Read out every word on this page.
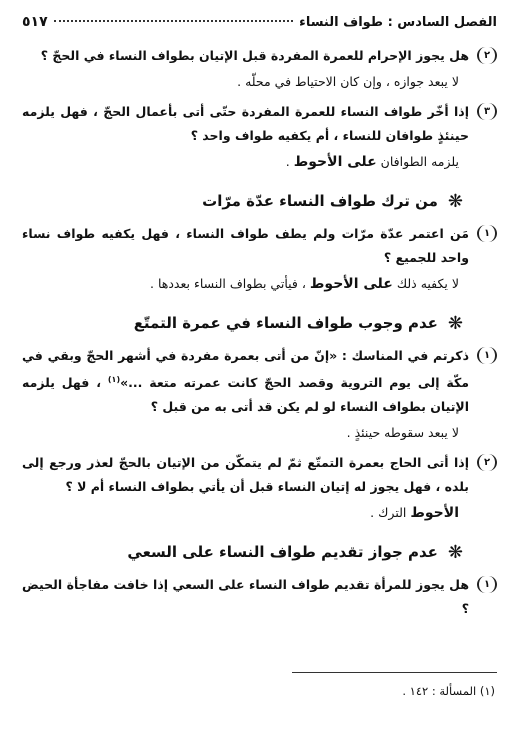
الفصل السادس : طواف النساء
٥١٧
٢
هل يجوز الإحرام للعمرة المفردة قبل الإتيان بطواف النساء في الحجّ ؟
لا يبعد جوازه ، وإن كان الاحتياط في محلّه .
٣
إذا أخّر طواف النساء للعمرة المفردة حتّى أتى بأعمال الحجّ ، فهل يلزمه حينئذٍ طوافان للنساء ، أم يكفيه طواف واحد ؟
يلزمه الطوافان على الأحوط .
❋
من ترك طواف النساء عدّة مرّات
١
مَن اعتمر عدّة مرّات ولم يطف طواف النساء ، فهل يكفيه طواف نساء واحد للجميع ؟
لا يكفيه ذلك على الأحوط ، فيأتي بطواف النساء بعددها .
❋
عدم وجوب طواف النساء في عمرة التمتّع
١
ذكرتم في المناسك : «إنّ من أتى بعمرة مفردة في أشهر الحجّ وبقي في مكّة إلى يوم التروية وقصد الحجّ كانت عمرته متعة ...»$^{(١)}$ ، فهل يلزمه الإتيان بطواف النساء لو لم يكن قد أتى به من قبل ؟
لا يبعد سقوطه حينئذٍ .
٢
إذا أتى الحاج بعمرة التمتّع ثمّ لم يتمكّن من الإتيان بالحجّ لعذر ورجع إلى بلده ، فهل يجوز له إتيان النساء قبل أن يأتي بطواف النساء أم لا ؟
الأحوط الترك .
❋
عدم جواز تقديم طواف النساء على السعي
١
هل يجوز للمرأة تقديم طواف النساء على السعي إذا خافت مفاجأة الحيض ؟
(١) المسألة : ١٤٢ .
